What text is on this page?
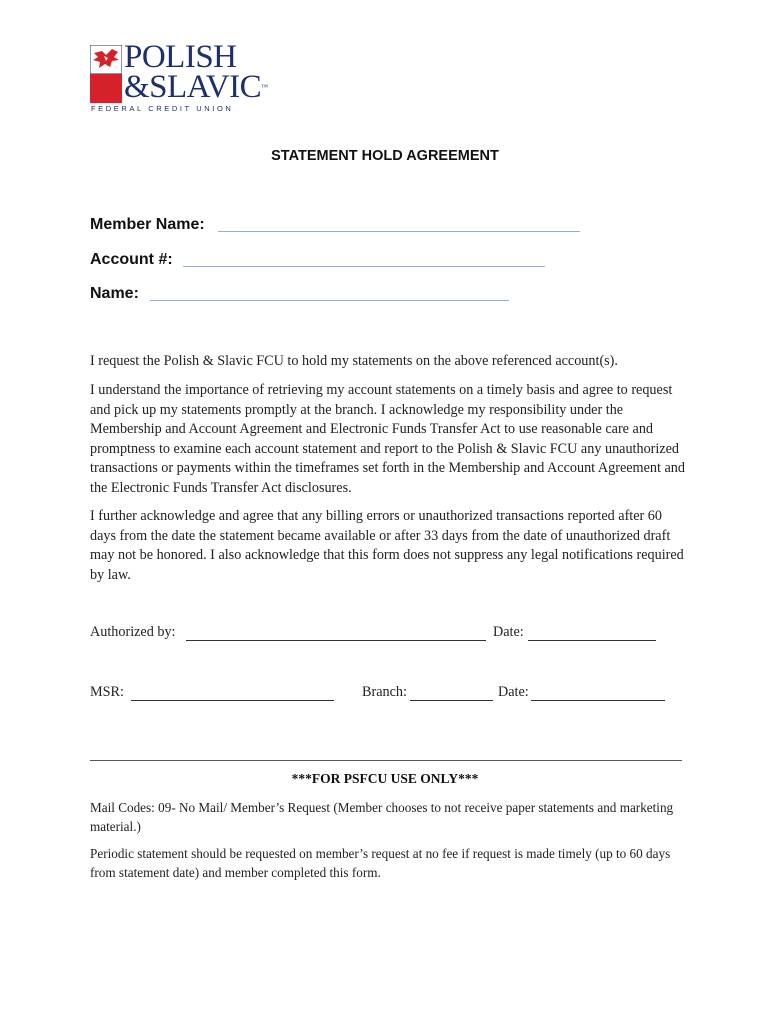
POLISH
&SLAVIC™
FEDERAL CREDIT UNION
STATEMENT HOLD AGREEMENT
Member Name:
Account #:
Name:
I request the Polish & Slavic FCU to hold my statements on the above referenced account(s).
I understand the importance of retrieving my account statements on a timely basis and agree to request and pick up my statements promptly at the branch. I acknowledge my responsibility under the Membership and Account Agreement and Electronic Funds Transfer Act to use reasonable care and promptness to examine each account statement and report to the Polish & Slavic FCU any unauthorized transactions or payments within the timeframes set forth in the Membership and Account Agreement and the Electronic Funds Transfer Act disclosures.
I further acknowledge and agree that any billing errors or unauthorized transactions reported after 60 days from the date the statement became available or after 33 days from the date of unauthorized draft may not be honored. I also acknowledge that this form does not suppress any legal notifications required by law.
Authorized by:	Date:
MSR:	Branch:	Date:
***FOR PSFCU USE ONLY***
Mail Codes: 09- No Mail/ Member’s Request (Member chooses to not receive paper statements and marketing material.)
Periodic statement should be requested on member’s request at no fee if request is made timely (up to 60 days from statement date) and member completed this form.
